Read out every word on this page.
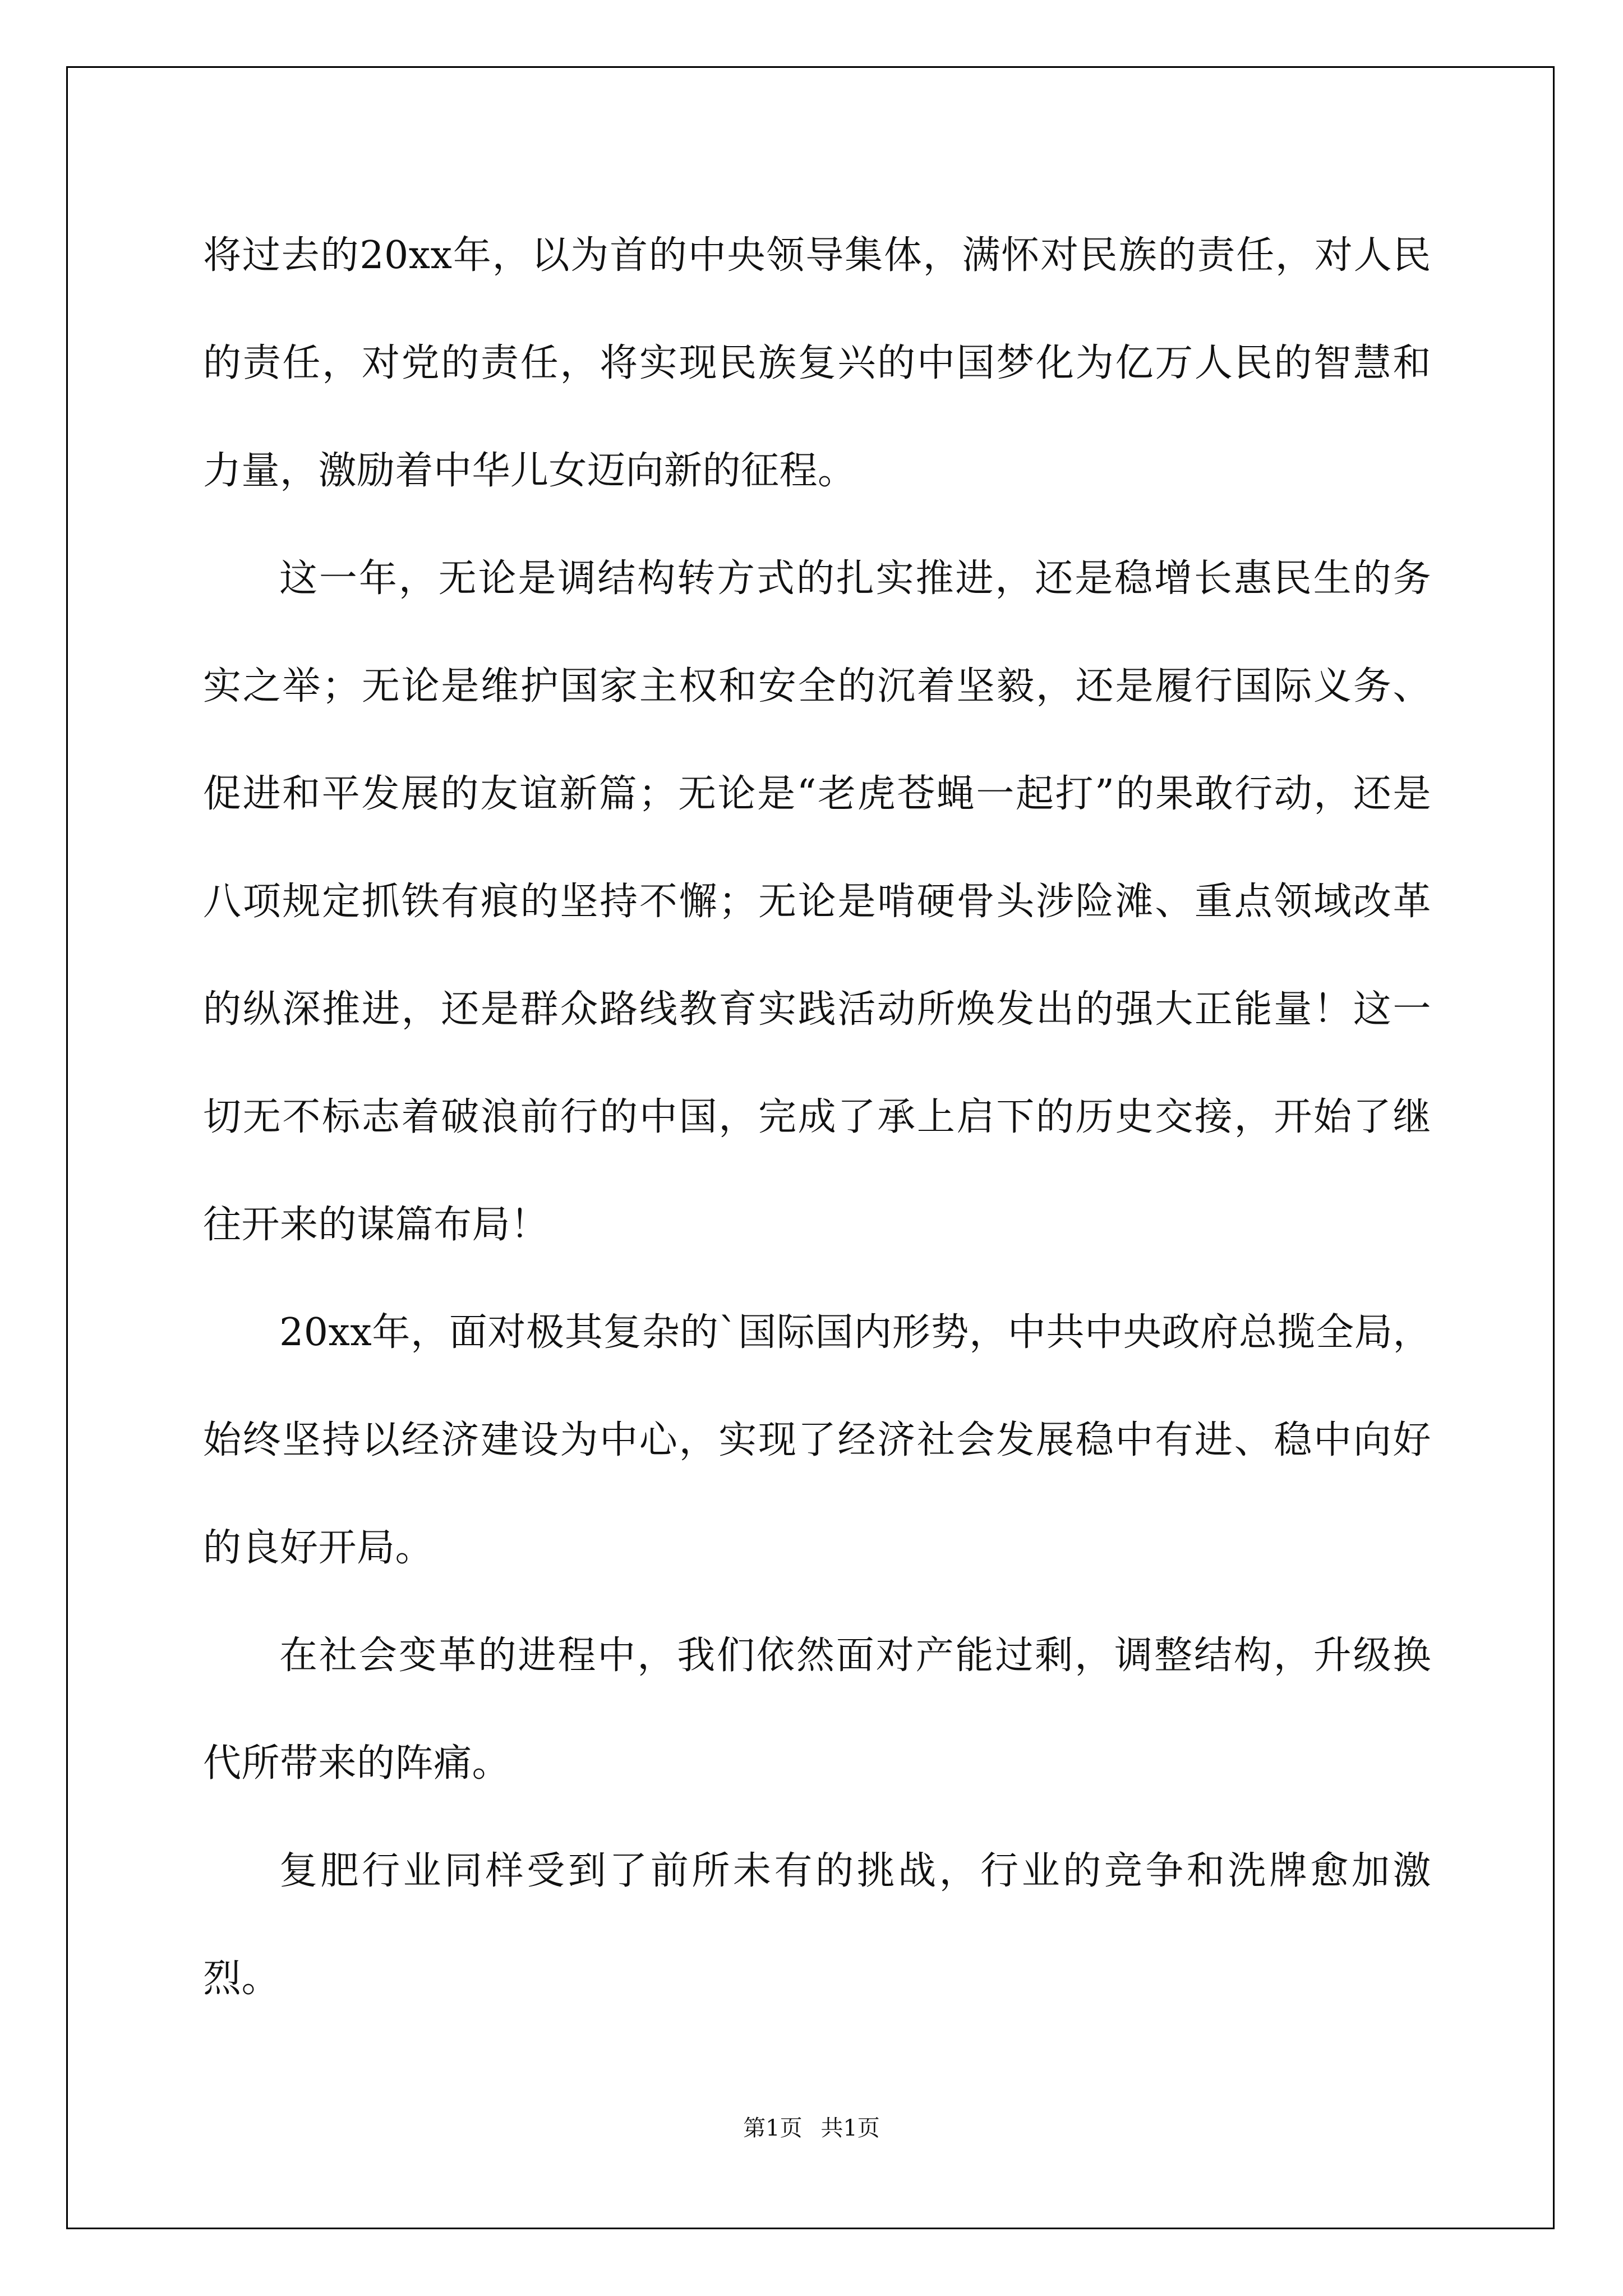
将过去的20xx年，以为首的中央领导集体，满怀对民族的责任，对人民的责任，对党的责任，将实现民族复兴的中国梦化为亿万人民的智慧和力量，激励着中华儿女迈向新的征程。

这一年，无论是调结构转方式的扎实推进，还是稳增长惠民生的务实之举；无论是维护国家主权和安全的沉着坚毅，还是履行国际义务、促进和平发展的友谊新篇；无论是“老虎苍蝇一起打”的果敢行动，还是八项规定抓铁有痕的坚持不懈；无论是啃硬骨头涉险滩、重点领域改革的纵深推进，还是群众路线教育实践活动所焕发出的强大正能量！这一切无不标志着破浪前行的中国，完成了承上启下的历史交接，开始了继往开来的谋篇布局！

20xx年，面对极其复杂的`国际国内形势，中共中央政府总揽全局，始终坚持以经济建设为中心，实现了经济社会发展稳中有进、稳中向好的良好开局。

在社会变革的进程中，我们依然面对产能过剩，调整结构，升级换代所带来的阵痛。

复肥行业同样受到了前所未有的挑战，行业的竞争和洗牌愈加激烈。

第1页 共1页
